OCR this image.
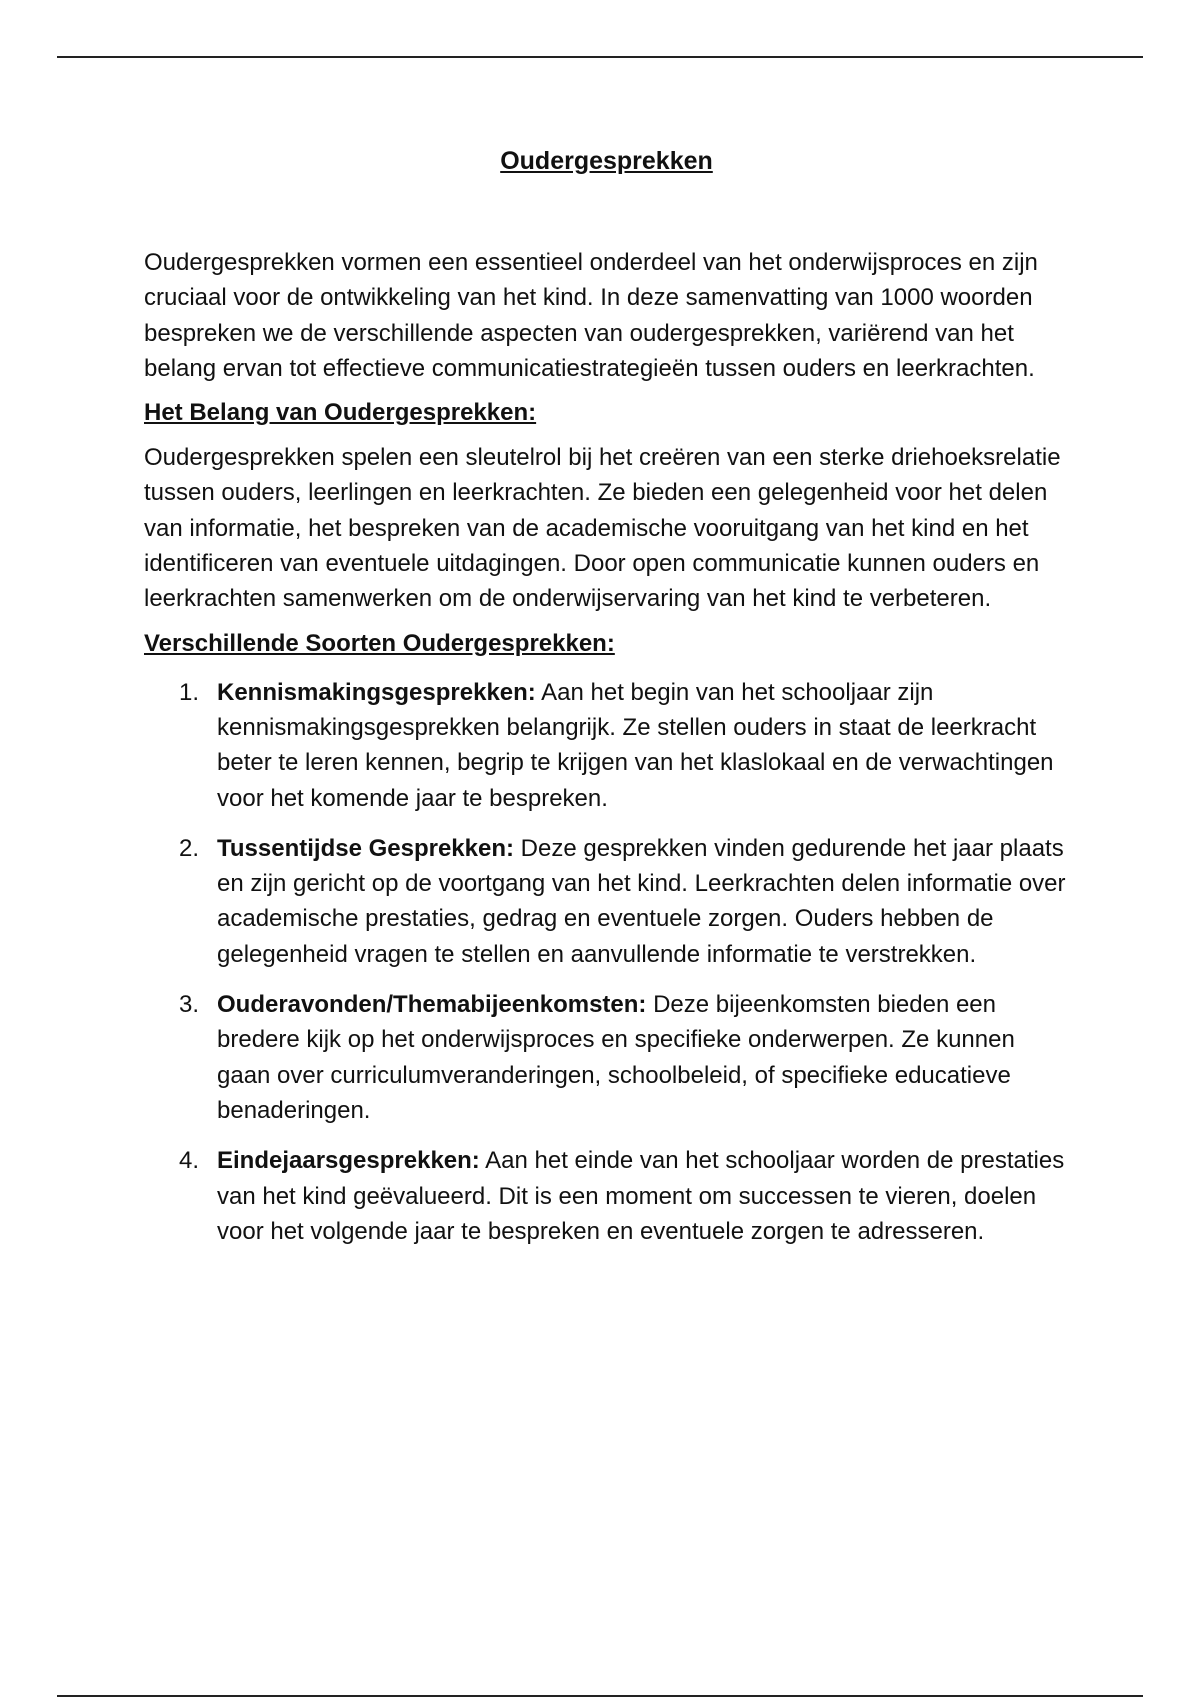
Oudergesprekken

Oudergesprekken vormen een essentieel onderdeel van het onderwijsproces en zijn cruciaal voor de ontwikkeling van het kind. In deze samenvatting van 1000 woorden bespreken we de verschillende aspecten van oudergesprekken, variërend van het belang ervan tot effectieve communicatiestrategieën tussen ouders en leerkrachten.

Het Belang van Oudergesprekken:

Oudergesprekken spelen een sleutelrol bij het creëren van een sterke driehoeksrelatie tussen ouders, leerlingen en leerkrachten. Ze bieden een gelegenheid voor het delen van informatie, het bespreken van de academische vooruitgang van het kind en het identificeren van eventuele uitdagingen. Door open communicatie kunnen ouders en leerkrachten samenwerken om de onderwijservaring van het kind te verbeteren.

Verschillende Soorten Oudergesprekken:
1. Kennismakingsgesprekken: Aan het begin van het schooljaar zijn kennismakingsgesprekken belangrijk. Ze stellen ouders in staat de leerkracht beter te leren kennen, begrip te krijgen van het klaslokaal en de verwachtingen voor het komende jaar te bespreken.
2. Tussentijdse Gesprekken: Deze gesprekken vinden gedurende het jaar plaats en zijn gericht op de voortgang van het kind. Leerkrachten delen informatie over academische prestaties, gedrag en eventuele zorgen. Ouders hebben de gelegenheid vragen te stellen en aanvullende informatie te verstrekken.
3. Ouderavonden/Themabijeenkomsten: Deze bijeenkomsten bieden een bredere kijk op het onderwijsproces en specifieke onderwerpen. Ze kunnen gaan over curriculumveranderingen, schoolbeleid, of specifieke educatieve benaderingen.
4. Eindejaarsgesprekken: Aan het einde van het schooljaar worden de prestaties van het kind geëvalueerd. Dit is een moment om successen te vieren, doelen voor het volgende jaar te bespreken en eventuele zorgen te adresseren.
